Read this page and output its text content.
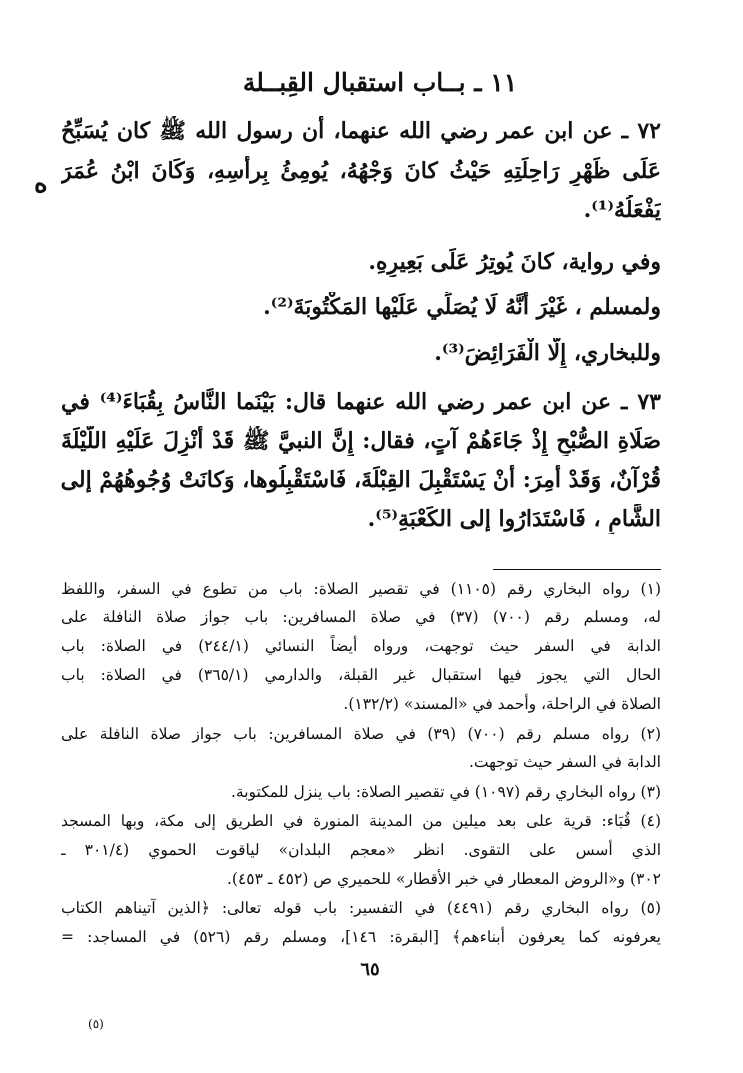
١١ ـ بــاب استقبال القِبــلة
٧٢ ـ عن ابن عمر رضي الله عنهما، أن رسول الله ﷺ كان يُسَبِّحُ
عَلَى ظَهْرِ رَاحِلَتِهِ حَيْثُ كانَ وَجْهُهُ، يُومِئُ بِرأسِهِ، وَكَانَ ابْنُ عُمَرَ
يَفْعَلُهُ⁽¹⁾.
ه
وفي رواية، كانَ يُوتِرُ عَلَى بَعِيرِهِ.
ولمسلم ، غَيْرَ أَنَّهُ لَا يُصَلِّي عَلَيْها المَكْتُوبَةَ⁽²⁾.
وللبخاري، إِلَّا الْفَرَائِضَ⁽³⁾.
٧٣ ـ عن ابن عمر رضي الله عنهما قال: بَيْنَما النَّاسُ بِقُبَاءَ⁽⁴⁾ في
صَلَاةِ الصُّبْحِ إِذْ جَاءَهُمْ آتٍ، فقال: إِنَّ النبيَّ ﷺ قَدْ أُنْزِلَ عَلَيْهِ اللَّيْلَةَ
قُرْآنٌ، وَقَدْ أُمِرَ: أَنْ يَسْتَقْبِلَ القِبْلَةَ، فَاسْتَقْبِلُوها، وَكانَتْ وُجُوهُهُمْ إلى
الشَّامِ ، فَاسْتَدَارُوا إلى الكَعْبَةِ⁽⁵⁾.
(١) رواه البخاري رقم (١١٠٥) في تقصير الصلاة: باب من تطوع في السفر، واللفظ
له، ومسلم رقم (٧٠٠) (٣٧) في صلاة المسافرين: باب جواز صلاة النافلة على
الدابة في السفر حيث توجهت، ورواه أيضاً النسائي (٢٤٤/١) في الصلاة: باب
الحال التي يجوز فيها استقبال غير القبلة، والدارمي (٣٦٥/١) في الصلاة: باب
الصلاة في الراحلة، وأحمد في «المسند» (١٣٢/٢).
(٢) رواه مسلم رقم (٧٠٠) (٣٩) في صلاة المسافرين: باب جواز صلاة النافلة على
الدابة في السفر حيث توجهت.
(٣) رواه البخاري رقم (١٠٩٧) في تقصير الصلاة: باب ينزل للمكتوبة.
(٤) قُبَاء: قرية على بعد ميلين من المدينة المنورة في الطريق إلى مكة، وبها المسجد
الذي أسس على التقوى. انظر «معجم البلدان» لياقوت الحموي (٣٠١/٤ ـ
٣٠٢) و«الروض المعطار في خبر الأقطار» للحميري ص (٤٥٢ ـ ٤٥٣).
(٥) رواه البخاري رقم (٤٤٩١) في التفسير: باب قوله تعالى: ﴿الذين آتيناهم الكتاب
يعرفونه كما يعرفون أبناءهم﴾ [البقرة: ١٤٦]، ومسلم رقم (٥٢٦) في المساجد: =
٦٥
(٥)
